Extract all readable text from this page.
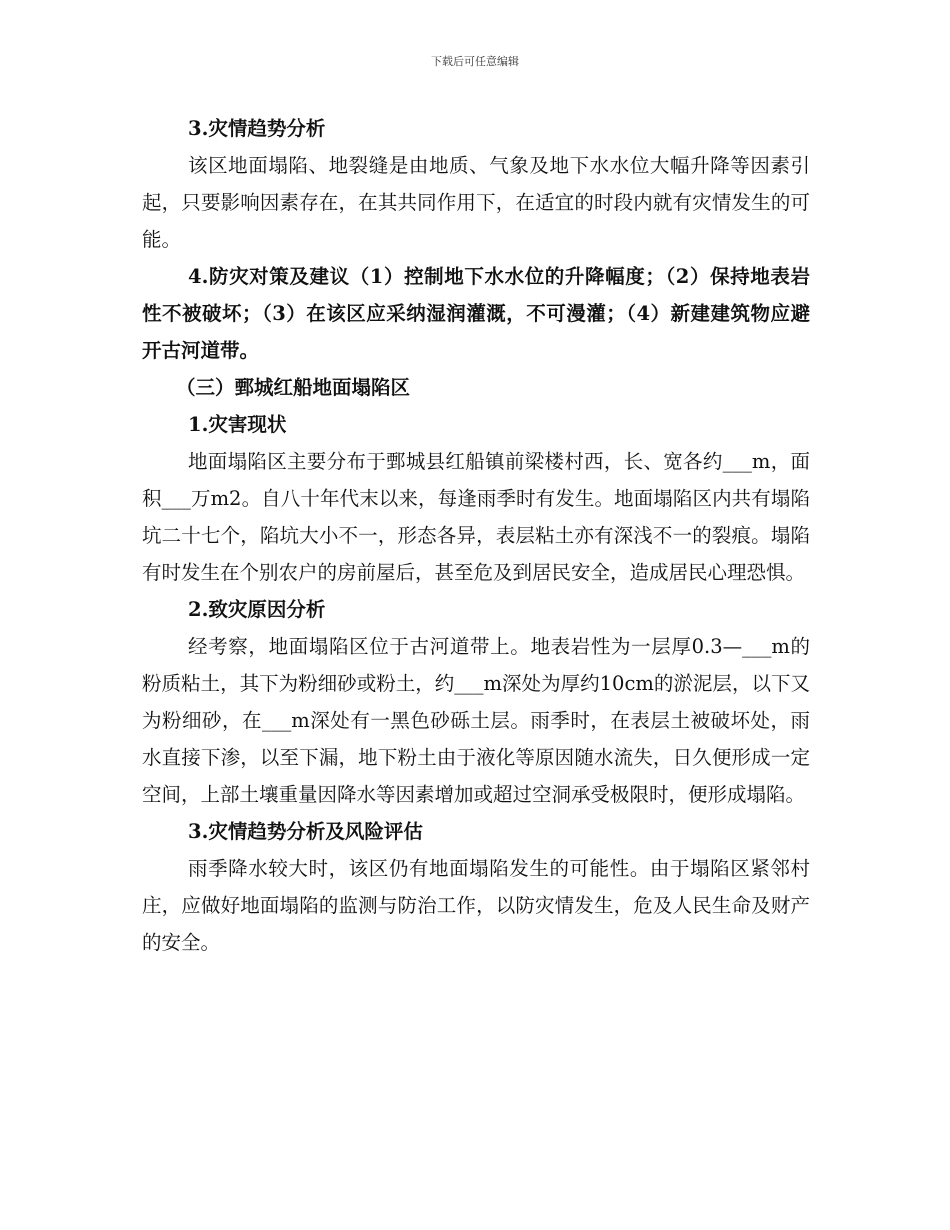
下载后可任意编辑

3.灾情趋势分析

该区地面塌陷、地裂缝是由地质、气象及地下水水位大幅升降等因素引起，只要影响因素存在，在其共同作用下，在适宜的时段内就有灾情发生的可能。

4.防灾对策及建议（1）控制地下水水位的升降幅度；（2）保持地表岩性不被破坏；（3）在该区应采纳湿润灌溉，不可漫灌；（4）新建建筑物应避开古河道带。

（三）鄄城红船地面塌陷区

1.灾害现状

地面塌陷区主要分布于鄄城县红船镇前梁楼村西，长、宽各约___m，面积___万m2。自八十年代末以来，每逢雨季时有发生。地面塌陷区内共有塌陷坑二十七个，陷坑大小不一，形态各异，表层粘土亦有深浅不一的裂痕。塌陷有时发生在个别农户的房前屋后，甚至危及到居民安全，造成居民心理恐惧。

2.致灾原因分析

经考察，地面塌陷区位于古河道带上。地表岩性为一层厚0.3—___m的粉质粘土，其下为粉细砂或粉土，约___m深处为厚约10cm的淤泥层，以下又为粉细砂，在___m深处有一黑色砂砾土层。雨季时，在表层土被破坏处，雨水直接下渗，以至下漏，地下粉土由于液化等原因随水流失，日久便形成一定空间，上部土壤重量因降水等因素增加或超过空洞承受极限时，便形成塌陷。

3.灾情趋势分析及风险评估

雨季降水较大时，该区仍有地面塌陷发生的可能性。由于塌陷区紧邻村庄，应做好地面塌陷的监测与防治工作，以防灾情发生，危及人民生命及财产的安全。
